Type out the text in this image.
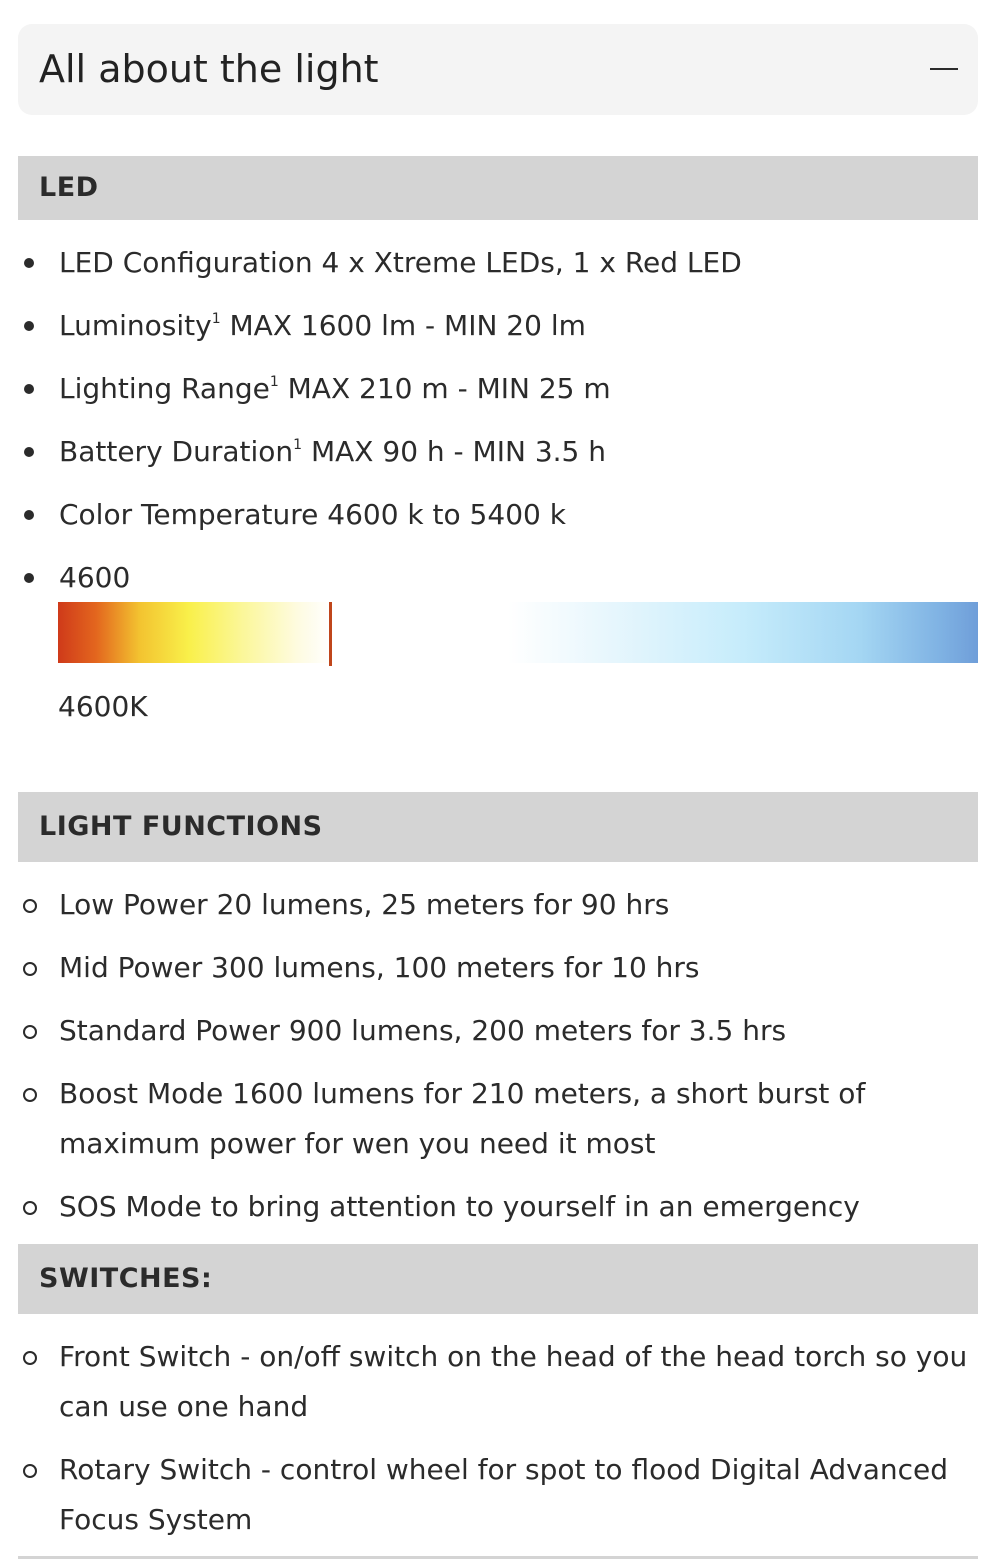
All about the light
LED
LED Configuration 4 x Xtreme LEDs, 1 x Red LED
Luminosity$^1$ MAX 1600 lm - MIN 20 lm
Lighting Range$^1$ MAX 210 m - MIN 25 m
Battery Duration$^1$ MAX 90 h - MIN 3.5 h
Color Temperature 4600 k to 5400 k
4600
4600K
LIGHT FUNCTIONS
Low Power 20 lumens, 25 meters for 90 hrs
Mid Power 300 lumens, 100 meters for 10 hrs
Standard Power 900 lumens, 200 meters for 3.5 hrs
Boost Mode 1600 lumens for 210 meters, a short burst of maximum power for wen you need it most
SOS Mode to bring attention to yourself in an emergency
SWITCHES:
Front Switch - on/off switch on the head of the head torch so you can use one hand
Rotary Switch - control wheel for spot to flood Digital Advanced Focus System
